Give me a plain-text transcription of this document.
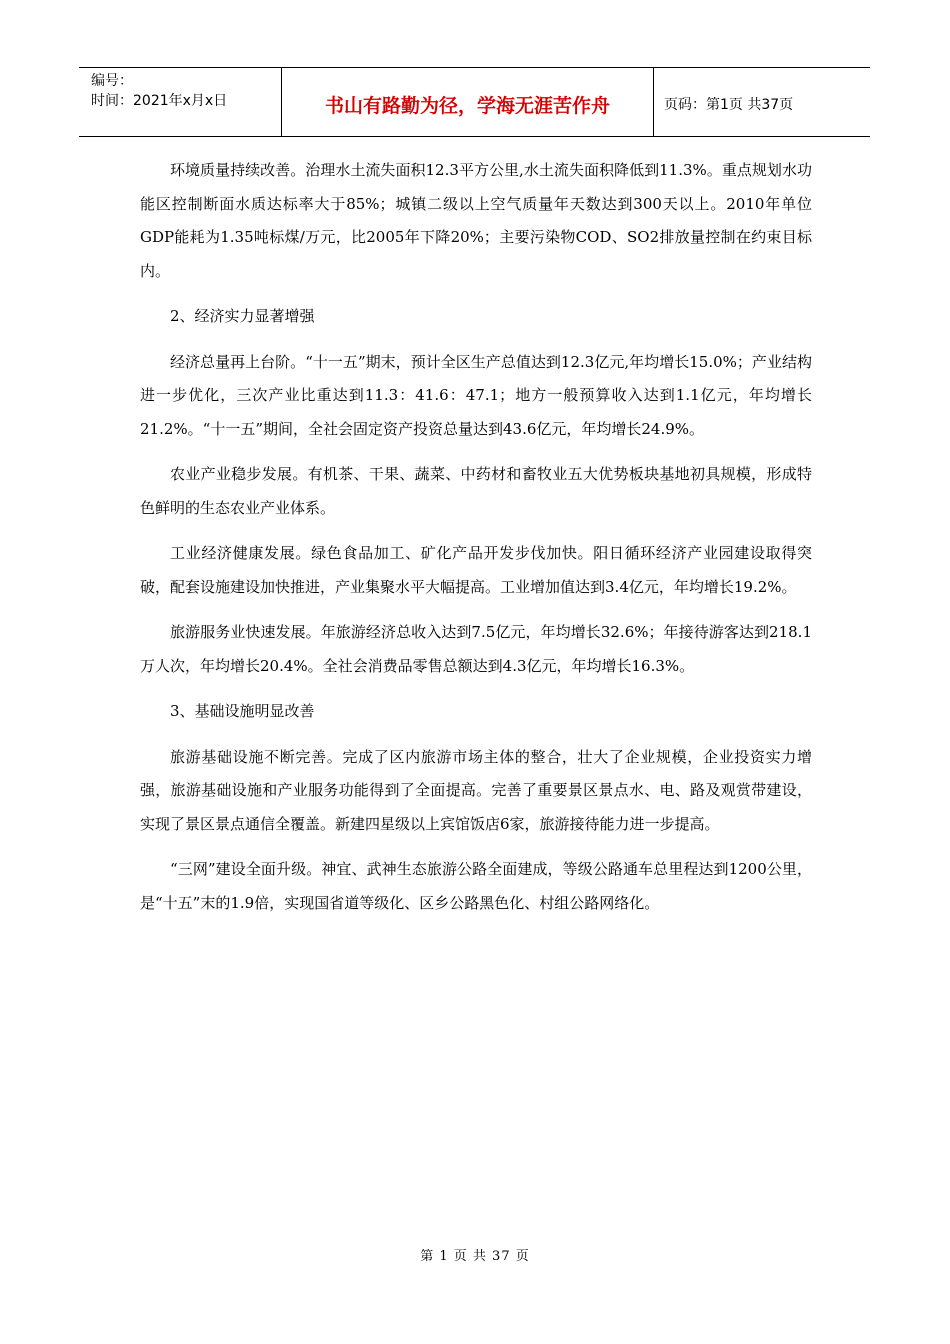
编号：
时间：2021年x月x日	书山有路勤为径，学海无涯苦作舟	页码：第1页 共37页

环境质量持续改善。治理水土流失面积12.3平方公里,水土流失面积降低到11.3%。重点规划水功能区控制断面水质达标率大于85%；城镇二级以上空气质量年天数达到300天以上。2010年单位GDP能耗为1.35吨标煤/万元，比2005年下降20%；主要污染物COD、SO2排放量控制在约束目标内。

2、经济实力显著增强

经济总量再上台阶。“十一五”期末，预计全区生产总值达到12.3亿元,年均增长15.0%；产业结构进一步优化，三次产业比重达到11.3：41.6：47.1；地方一般预算收入达到1.1亿元，年均增长21.2%。“十一五”期间，全社会固定资产投资总量达到43.6亿元，年均增长24.9%。

农业产业稳步发展。有机茶、干果、蔬菜、中药材和畜牧业五大优势板块基地初具规模，形成特色鲜明的生态农业产业体系。

工业经济健康发展。绿色食品加工、矿化产品开发步伐加快。阳日循环经济产业园建设取得突破，配套设施建设加快推进，产业集聚水平大幅提高。工业增加值达到3.4亿元，年均增长19.2%。

旅游服务业快速发展。年旅游经济总收入达到7.5亿元，年均增长32.6%；年接待游客达到218.1万人次，年均增长20.4%。全社会消费品零售总额达到4.3亿元，年均增长16.3%。

3、基础设施明显改善

旅游基础设施不断完善。完成了区内旅游市场主体的整合，壮大了企业规模，企业投资实力增强，旅游基础设施和产业服务功能得到了全面提高。完善了重要景区景点水、电、路及观赏带建设，实现了景区景点通信全覆盖。新建四星级以上宾馆饭店6家，旅游接待能力进一步提高。

“三网”建设全面升级。神宜、武神生态旅游公路全面建成，等级公路通车总里程达到1200公里，是“十五”末的1.9倍，实现国省道等级化、区乡公路黑色化、村组公路网络化。

第 1 页 共 37 页
